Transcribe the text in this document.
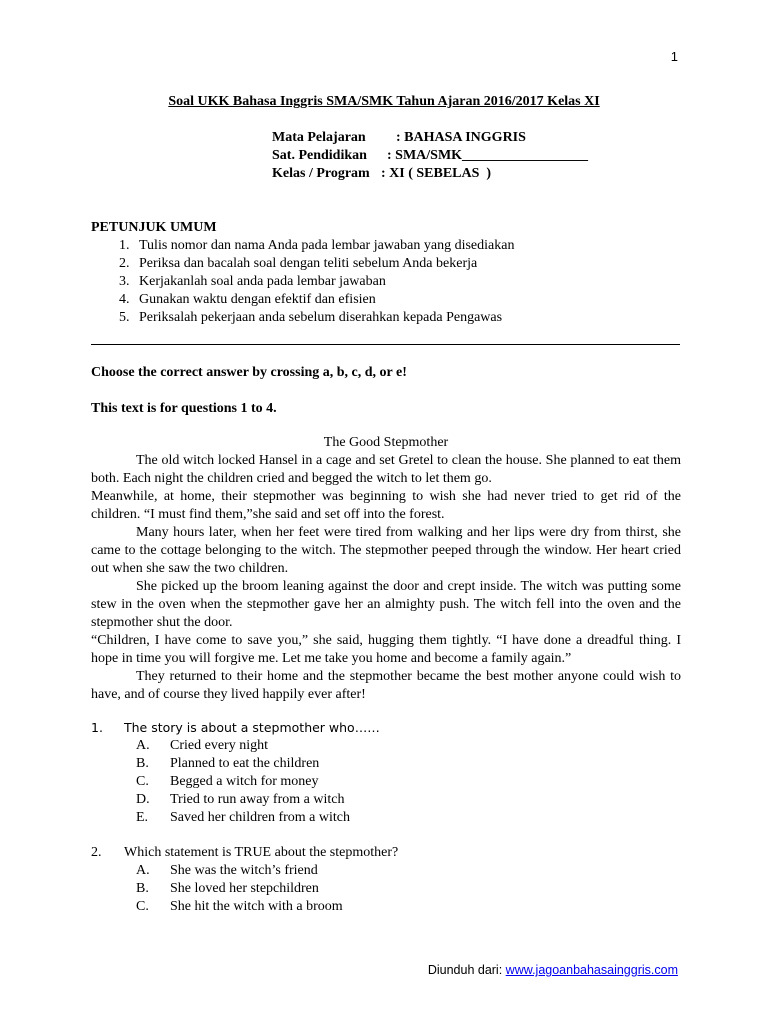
1
Soal UKK Bahasa Inggris SMA/SMK Tahun Ajaran 2016/2017 Kelas XI
Mata Pelajaran	: BAHASA INGGRIS
Sat. Pendidikan	: SMA/SMK__________________
Kelas / Program : XI ( SEBELAS  )
PETUNJUK UMUM
1. Tulis nomor dan nama Anda pada lembar jawaban yang disediakan
2. Periksa dan bacalah soal dengan teliti sebelum Anda bekerja
3. Kerjakanlah soal anda pada lembar jawaban
4. Gunakan waktu dengan efektif dan efisien
5. Periksalah pekerjaan anda sebelum diserahkan kepada Pengawas
Choose the correct answer by crossing a, b, c, d, or e!
This text is for questions 1 to 4.
The Good Stepmother

The old witch locked Hansel in a cage and set Gretel to clean the house. She planned to eat them both. Each night the children cried and begged the witch to let them go.

Meanwhile, at home, their stepmother was beginning to wish she had never tried to get rid of the children. “I must find them,”she said and set off into the forest.

Many hours later, when her feet were tired from walking and her lips were dry from thirst, she came to the cottage belonging to the witch. The stepmother peeped through the window. Her heart cried out when she saw the two children.

She picked up the broom leaning against the door and crept inside. The witch was putting some stew in the oven when the stepmother gave her an almighty push. The witch fell into the oven and the stepmother shut the door.

“Children, I have come to save you,” she said, hugging them tightly. “I have done a dreadful thing. I hope in time you will forgive me. Let me take you home and become a family again.”

They returned to their home and the stepmother became the best mother anyone could wish to have, and of course they lived happily ever after!

1.	The story is about a stepmother who……
A.	Cried every night
B.	Planned to eat the children
C.	Begged a witch for money
D.	Tried to run away from a witch
E.	Saved her children from a witch
2.	Which statement is TRUE about the stepmother?
A.	She was the witch’s friend
B.	She loved her stepchildren
C.	She hit the witch with a broom
Diunduh dari: www.jagoanbahasainggris.com
